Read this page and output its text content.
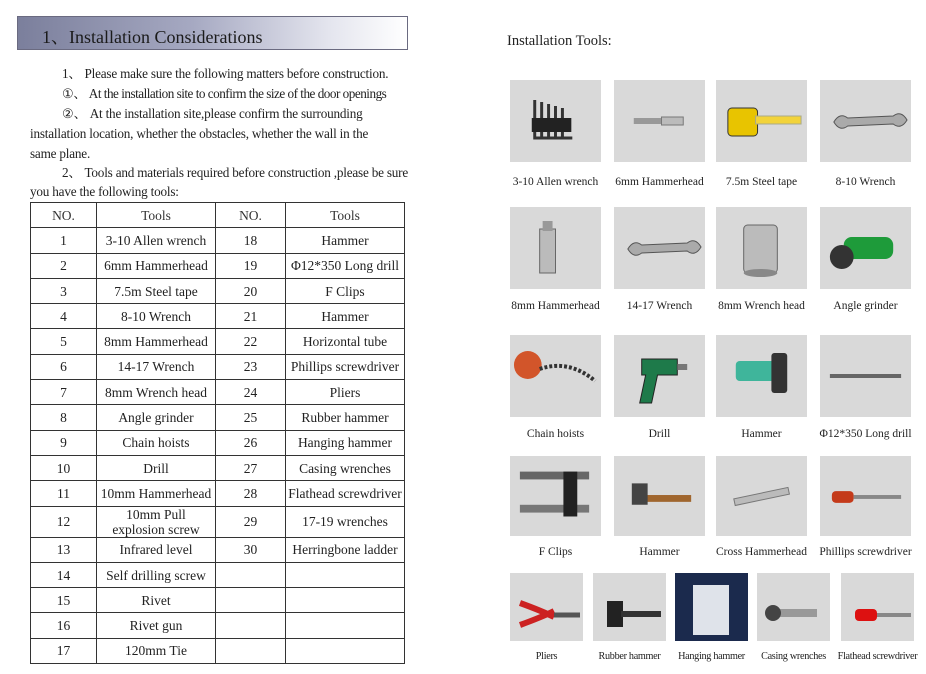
1、Installation Considerations
1、 Please make sure the following matters before construction.
①、 At the installation site to confirm the size of the door openings
②、 At the installation site,please confirm the surrounding
installation location, whether the obstacles, whether the wall in the
same plane.
2、 Tools and materials required before construction ,please be sure
you have the following tools:
NO.	Tools	NO.	Tools
1	3-10 Allen wrench	18	Hammer
2	6mm Hammerhead	19	Φ12*350 Long drill
3	7.5m Steel tape	20	F Clips
4	8-10 Wrench	21	Hammer
5	8mm Hammerhead	22	Horizontal tube
6	14-17 Wrench	23	Phillips screwdriver
7	8mm Wrench head	24	Pliers
8	Angle grinder	25	Rubber hammer
9	Chain hoists	26	Hanging hammer
10	Drill	27	Casing wrenches
11	10mm Hammerhead	28	Flathead screwdriver
12	10mm Pull explosion screw	29	17-19 wrenches
13	Infrared level	30	Herringbone ladder
14	Self drilling screw		
15	Rivet		
16	Rivet gun		
17	120mm Tie		
Installation Tools:
3-10 Allen wrench	6mm Hammerhead	7.5m Steel tape	8-10 Wrench
8mm Hammerhead	14-17 Wrench	8mm Wrench head	Angle grinder
Chain hoists	Drill	Hammer	Φ12*350 Long drill
F Clips	Hammer	Cross Hammerhead	Phillips screwdriver
Pliers	Rubber hammer	Hanging hammer	Casing wrenches	Flathead screwdriver
